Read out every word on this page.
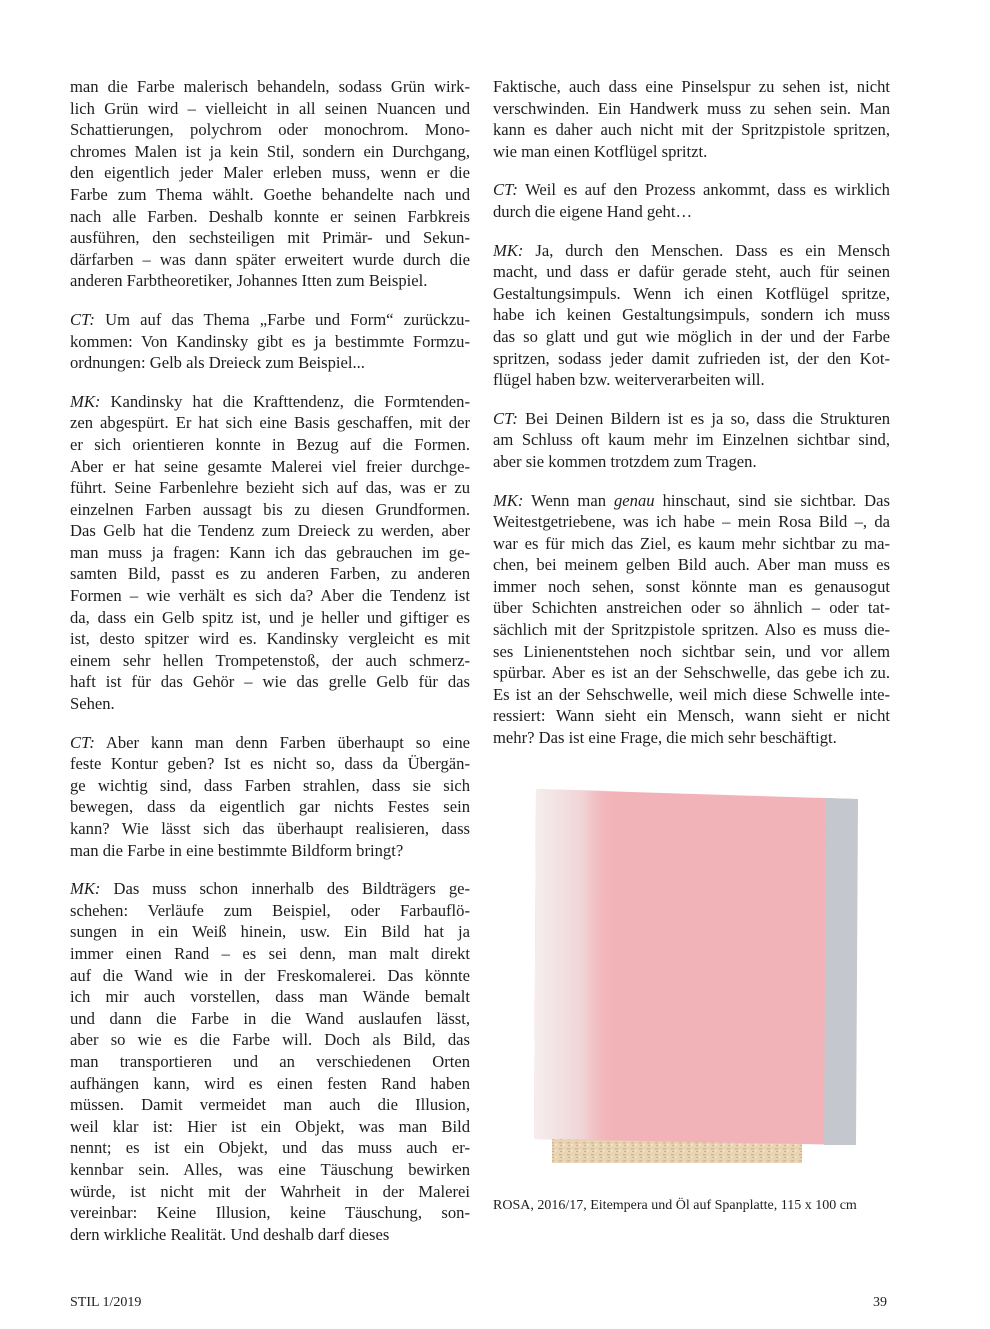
man die Farbe malerisch behandeln, sodass Grün wirk-
lich Grün wird – vielleicht in all seinen Nuancen und
Schattierungen, polychrom oder monochrom. Mono-
chromes Malen ist ja kein Stil, sondern ein Durchgang,
den eigentlich jeder Maler erleben muss, wenn er die
Farbe zum Thema wählt. Goethe behandelte nach und
nach alle Farben. Deshalb konnte er seinen Farbkreis
ausführen, den sechsteiligen mit Primär- und Sekun-
därfarben – was dann später erweitert wurde durch die
anderen Farbtheoretiker, Johannes Itten zum Beispiel.

CT: Um auf das Thema „Farbe und Form“ zurückzu-
kommen: Von Kandinsky gibt es ja bestimmte Formzu-
ordnungen: Gelb als Dreieck zum Beispiel...

MK: Kandinsky hat die Krafttendenz, die Formtenden-
zen abgespürt. Er hat sich eine Basis geschaffen, mit der
er sich orientieren konnte in Bezug auf die Formen.
Aber er hat seine gesamte Malerei viel freier durchge-
führt. Seine Farbenlehre bezieht sich auf das, was er zu
einzelnen Farben aussagt bis zu diesen Grundformen.
Das Gelb hat die Tendenz zum Dreieck zu werden, aber
man muss ja fragen: Kann ich das gebrauchen im ge-
samten Bild, passt es zu anderen Farben, zu anderen
Formen – wie verhält es sich da? Aber die Tendenz ist
da, dass ein Gelb spitz ist, und je heller und giftiger es
ist, desto spitzer wird es. Kandinsky vergleicht es mit
einem sehr hellen Trompetenstoß, der auch schmerz-
haft ist für das Gehör – wie das grelle Gelb für das
Sehen.

CT: Aber kann man denn Farben überhaupt so eine
feste Kontur geben? Ist es nicht so, dass da Übergän-
ge wichtig sind, dass Farben strahlen, dass sie sich
bewegen, dass da eigentlich gar nichts Festes sein
kann? Wie lässt sich das überhaupt realisieren, dass
man die Farbe in eine bestimmte Bildform bringt?

MK: Das muss schon innerhalb des Bildträgers ge-
schehen: Verläufe zum Beispiel, oder Farbauflö-
sungen in ein Weiß hinein, usw. Ein Bild hat ja
immer einen Rand – es sei denn, man malt direkt
auf die Wand wie in der Freskomalerei. Das könnte
ich mir auch vorstellen, dass man Wände bemalt
und dann die Farbe in die Wand auslaufen lässt,
aber so wie es die Farbe will. Doch als Bild, das
man transportieren und an verschiedenen Orten
aufhängen kann, wird es einen festen Rand haben
müssen. Damit vermeidet man auch die Illusion,
weil klar ist: Hier ist ein Objekt, was man Bild
nennt; es ist ein Objekt, und das muss auch er-
kennbar sein. Alles, was eine Täuschung bewirken
würde, ist nicht mit der Wahrheit in der Malerei
vereinbar: Keine Illusion, keine Täuschung, son-
dern wirkliche Realität. Und deshalb darf dieses

Faktische, auch dass eine Pinselspur zu sehen ist, nicht
verschwinden. Ein Handwerk muss zu sehen sein. Man
kann es daher auch nicht mit der Spritzpistole spritzen,
wie man einen Kotflügel spritzt.

CT: Weil es auf den Prozess ankommt, dass es wirklich
durch die eigene Hand geht…

MK: Ja, durch den Menschen. Dass es ein Mensch
macht, und dass er dafür gerade steht, auch für seinen
Gestaltungsimpuls. Wenn ich einen Kotflügel spritze,
habe ich keinen Gestaltungsimpuls, sondern ich muss
das so glatt und gut wie möglich in der und der Farbe
spritzen, sodass jeder damit zufrieden ist, der den Kot-
flügel haben bzw. weiterverarbeiten will.

CT: Bei Deinen Bildern ist es ja so, dass die Strukturen
am Schluss oft kaum mehr im Einzelnen sichtbar sind,
aber sie kommen trotzdem zum Tragen.

MK: Wenn man genau hinschaut, sind sie sichtbar. Das
Weitestgetriebene, was ich habe – mein Rosa Bild –, da
war es für mich das Ziel, es kaum mehr sichtbar zu ma-
chen, bei meinem gelben Bild auch. Aber man muss es
immer noch sehen, sonst könnte man es genausogut
über Schichten anstreichen oder so ähnlich – oder tat-
sächlich mit der Spritzpistole spritzen. Also es muss die-
ses Linienentstehen noch sichtbar sein, und vor allem
spürbar. Aber es ist an der Sehschwelle, das gebe ich zu.
Es ist an der Sehschwelle, weil mich diese Schwelle inte-
ressiert: Wann sieht ein Mensch, wann sieht er nicht
mehr? Das ist eine Frage, die mich sehr beschäftigt.

ROSA, 2016/17, Eitempera und Öl auf Spanplatte, 115 x 100 cm
STIL 1/2019	39
